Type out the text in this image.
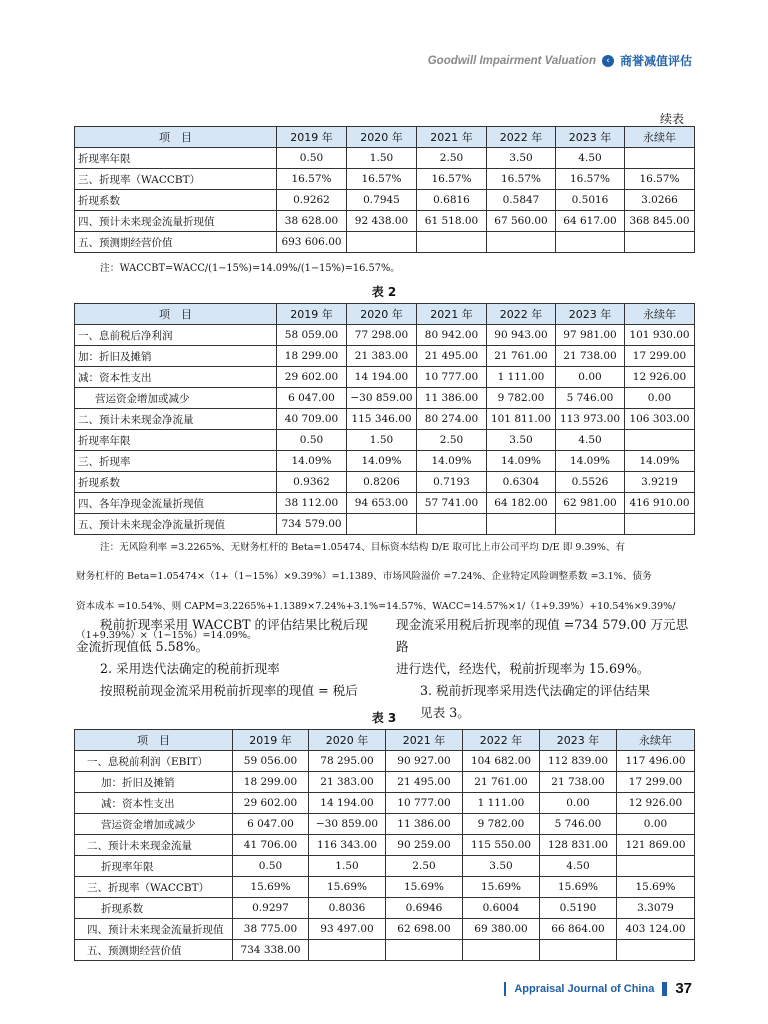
Goodwill Impairment Valuation	‹ 商誉减值评估
续表
项　目	2019 年	2020 年	2021 年	2022 年	2023 年	永续年
折现率年限	0.50	1.50	2.50	3.50	4.50	
三、折现率（WACCBT）	16.57%	16.57%	16.57%	16.57%	16.57%	16.57%
折现系数	0.9262	0.7945	0.6816	0.5847	0.5016	3.0266
四、预计未来现金流量折现值	38 628.00	92 438.00	61 518.00	67 560.00	64 617.00	368 845.00
五、预测期经营价值	693 606.00					
注：WACCBT=WACC/(1−15%)=14.09%/(1−15%)=16.57%。
表 2
项　目	2019 年	2020 年	2021 年	2022 年	2023 年	永续年
一、息前税后净利润	58 059.00	77 298.00	80 942.00	90 943.00	97 981.00	101 930.00
加：折旧及摊销	18 299.00	21 383.00	21 495.00	21 761.00	21 738.00	17 299.00
减：资本性支出	29 602.00	14 194.00	10 777.00	1 111.00	0.00	12 926.00
营运资金增加或减少	6 047.00	−30 859.00	11 386.00	9 782.00	5 746.00	0.00
二、预计未来现金净流量	40 709.00	115 346.00	80 274.00	101 811.00	113 973.00	106 303.00
折现率年限	0.50	1.50	2.50	3.50	4.50	
三、折现率	14.09%	14.09%	14.09%	14.09%	14.09%	14.09%
折现系数	0.9362	0.8206	0.7193	0.6304	0.5526	3.9219
四、各年净现金流量折现值	38 112.00	94 653.00	57 741.00	64 182.00	62 981.00	416 910.00
五、预计未来现金净流量折现值	734 579.00					

注：无风险利率 =3.2265%、无财务杠杆的 Beta=1.05474、目标资本结构 D/E 取可比上市公司平均 D/E 即 9.39%、有

财务杠杆的 Beta=1.05474×（1+（1−15%）×9.39%）=1.1389、市场风险溢价 =7.24%、企业特定风险调整系数 =3.1%、债务

资本成本 =10.54%、则 CAPM=3.2265%+1.1389×7.24%+3.1%=14.57%、WACC=14.57%×1/（1+9.39%）+10.54%×9.39%/

（1+9.39%）×（1−15%）=14.09%。

税前折现率采用 WACCBT 的评估结果比税后现

金流折现值低 5.58%。

2. 采用迭代法确定的税前折现率

按照税前现金流采用税前折现率的现值 = 税后

现金流采用税后折现率的现值 =734 579.00 万元思路

进行迭代，经迭代，税前折现率为 15.69%。

3. 税前折现率采用迭代法确定的评估结果

见表 3。

表 3
项　目	2019 年	2020 年	2021 年	2022 年	2023 年	永续年
一、息税前利润（EBIT）	59 056.00	78 295.00	90 927.00	104 682.00	112 839.00	117 496.00
加：折旧及摊销	18 299.00	21 383.00	21 495.00	21 761.00	21 738.00	17 299.00
减：资本性支出	29 602.00	14 194.00	10 777.00	1 111.00	0.00	12 926.00
营运资金增加或减少	6 047.00	−30 859.00	11 386.00	9 782.00	5 746.00	0.00
二、预计未来现金流量	41 706.00	116 343.00	90 259.00	115 550.00	128 831.00	121 869.00
折现率年限	0.50	1.50	2.50	3.50	4.50	
三、折现率（WACCBT）	15.69%	15.69%	15.69%	15.69%	15.69%	15.69%
折现系数	0.9297	0.8036	0.6946	0.6004	0.5190	3.3079
四、预计未来现金流量折现值	38 775.00	93 497.00	62 698.00	69 380.00	66 864.00	403 124.00
五、预测期经营价值	734 338.00					
Appraisal Journal of China 37
